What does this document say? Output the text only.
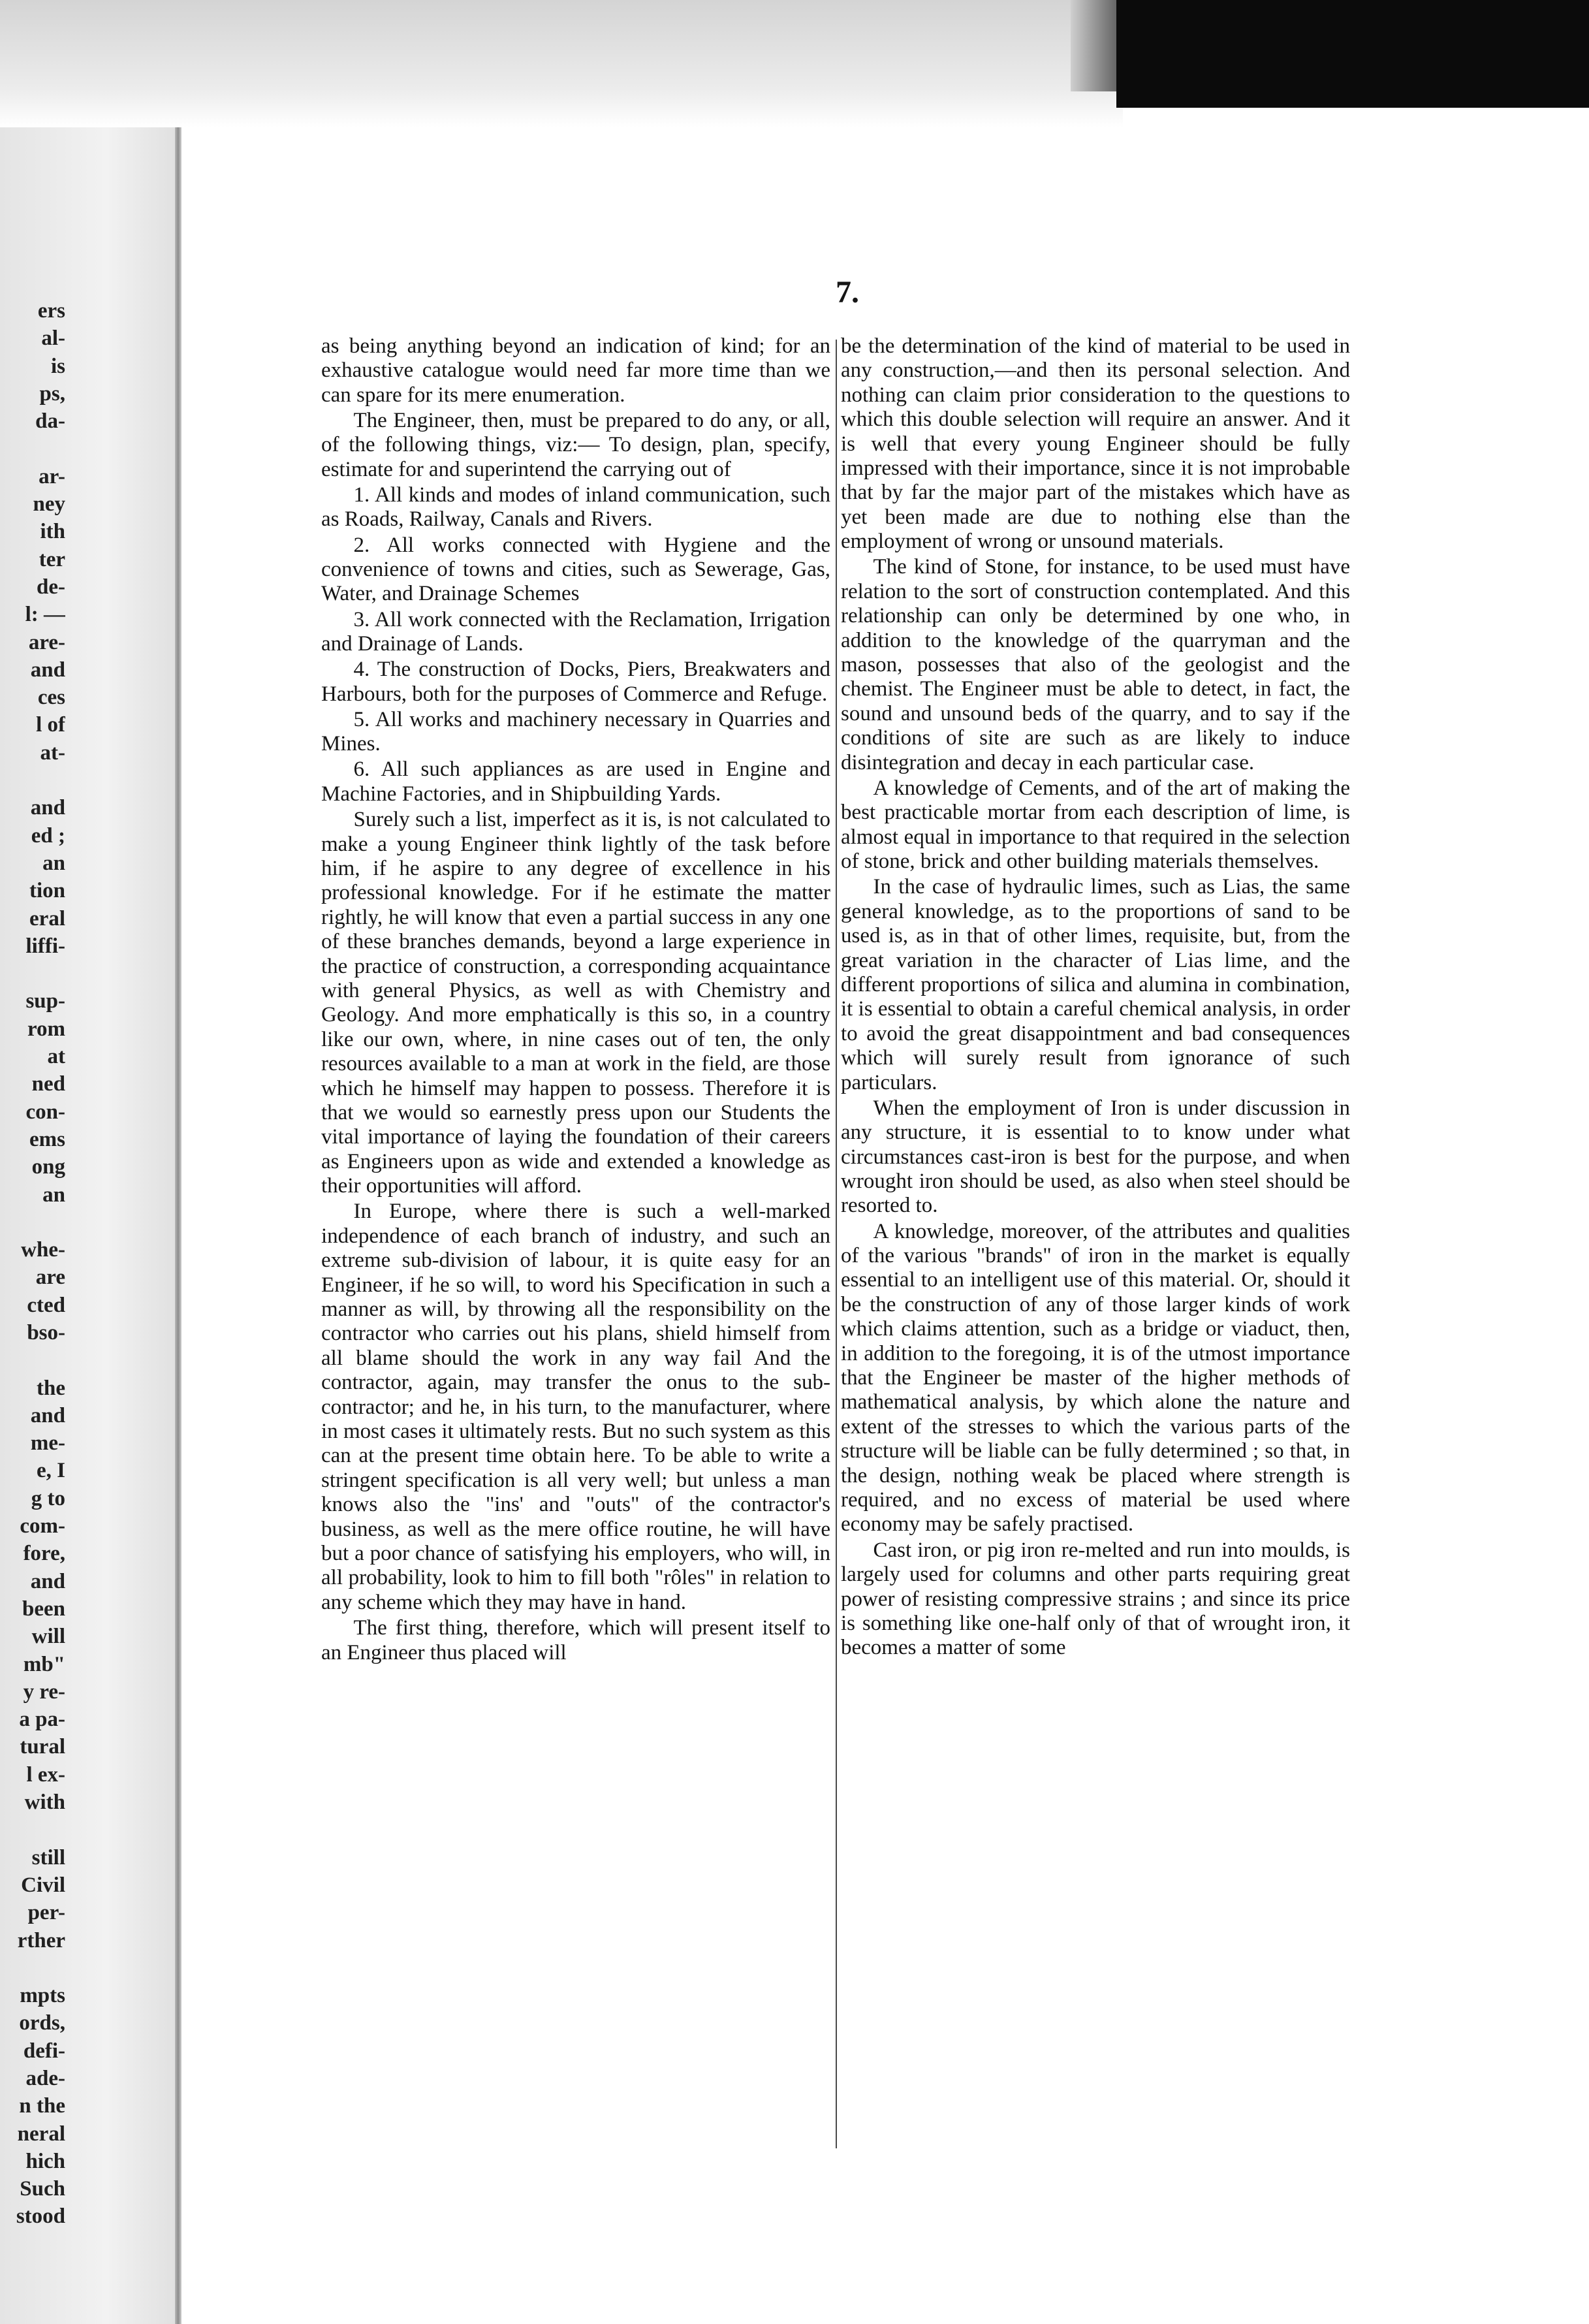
7.
ers
al-
is
ps,
da-

ar-
ney
ith
ter
de-
l: —
are-
and
ces
l of
at-

and
ed ;
an
tion
eral
liffi-

sup-
rom
at
ned
con-
ems
ong
an

whe-
are
cted
bso-

the
and
me-
e, I
g to
com-
fore,
and
been
will
mb"
y re-
a pa-
tural
l ex-
with

still
Civil
per-
rther

mpts
ords,
defi-
ade-
n the
neral
hich
Such
stood

as being anything beyond an indication of kind; for an exhaustive catalogue would need far more time than we can spare for its mere enumeration.

The Engineer, then, must be prepared to do any, or all, of the following things, viz:— To design, plan, specify, estimate for and superintend the carrying out of

1. All kinds and modes of inland communication, such as Roads, Railway, Canals and Rivers.

2. All works connected with Hygiene and the convenience of towns and cities, such as Sewerage, Gas, Water, and Drainage Schemes

3. All work connected with the Reclamation, Irrigation and Drainage of Lands.

4. The construction of Docks, Piers, Breakwaters and Harbours, both for the purposes of Commerce and Refuge.

5. All works and machinery necessary in Quarries and Mines.

6. All such appliances as are used in Engine and Machine Factories, and in Shipbuilding Yards.

Surely such a list, imperfect as it is, is not calculated to make a young Engineer think lightly of the task before him, if he aspire to any degree of excellence in his professional knowledge. For if he estimate the matter rightly, he will know that even a partial success in any one of these branches demands, beyond a large experience in the practice of construction, a corresponding acquaintance with general Physics, as well as with Chemistry and Geology. And more emphatically is this so, in a country like our own, where, in nine cases out of ten, the only resources available to a man at work in the field, are those which he himself may happen to possess. Therefore it is that we would so earnestly press upon our Students the vital importance of laying the foundation of their careers as Engineers upon as wide and extended a knowledge as their opportunities will afford.

In Europe, where there is such a well-marked independence of each branch of industry, and such an extreme sub-division of labour, it is quite easy for an Engineer, if he so will, to word his Specification in such a manner as will, by throwing all the responsibility on the contractor who carries out his plans, shield himself from all blame should the work in any way fail And the contractor, again, may transfer the onus to the sub-contractor; and he, in his turn, to the manufacturer, where in most cases it ultimately rests. But no such system as this can at the present time obtain here. To be able to write a stringent specification is all very well; but unless a man knows also the "ins' and "outs" of the contractor's business, as well as the mere office routine, he will have but a poor chance of satisfying his employers, who will, in all probability, look to him to fill both "rôles" in relation to any scheme which they may have in hand.

The first thing, therefore, which will present itself to an Engineer thus placed will

be the determination of the kind of material to be used in any construction,—and then its personal selection. And nothing can claim prior consideration to the questions to which this double selection will require an answer. And it is well that every young Engineer should be fully impressed with their importance, since it is not improbable that by far the major part of the mistakes which have as yet been made are due to nothing else than the employment of wrong or unsound materials.

The kind of Stone, for instance, to be used must have relation to the sort of construction contemplated. And this relationship can only be determined by one who, in addition to the knowledge of the quarryman and the mason, possesses that also of the geologist and the chemist. The Engineer must be able to detect, in fact, the sound and unsound beds of the quarry, and to say if the conditions of site are such as are likely to induce disintegration and decay in each particular case.

A knowledge of Cements, and of the art of making the best practicable mortar from each description of lime, is almost equal in importance to that required in the selection of stone, brick and other building materials themselves.

In the case of hydraulic limes, such as Lias, the same general knowledge, as to the proportions of sand to be used is, as in that of other limes, requisite, but, from the great variation in the character of Lias lime, and the different proportions of silica and alumina in combination, it is essential to obtain a careful chemical analysis, in order to avoid the great disappointment and bad consequences which will surely result from ignorance of such particulars.

When the employment of Iron is under discussion in any structure, it is essential to to know under what circumstances cast-iron is best for the purpose, and when wrought iron should be used, as also when steel should be resorted to.

A knowledge, moreover, of the attributes and qualities of the various "brands" of iron in the market is equally essential to an intelligent use of this material. Or, should it be the construction of any of those larger kinds of work which claims attention, such as a bridge or viaduct, then, in addition to the foregoing, it is of the utmost importance that the Engineer be master of the higher methods of mathematical analysis, by which alone the nature and extent of the stresses to which the various parts of the structure will be liable can be fully determined ; so that, in the design, nothing weak be placed where strength is required, and no excess of material be used where economy may be safely practised.

Cast iron, or pig iron re-melted and run into moulds, is largely used for columns and other parts requiring great power of resisting compressive strains ; and since its price is something like one-half only of that of wrought iron, it becomes a matter of some
